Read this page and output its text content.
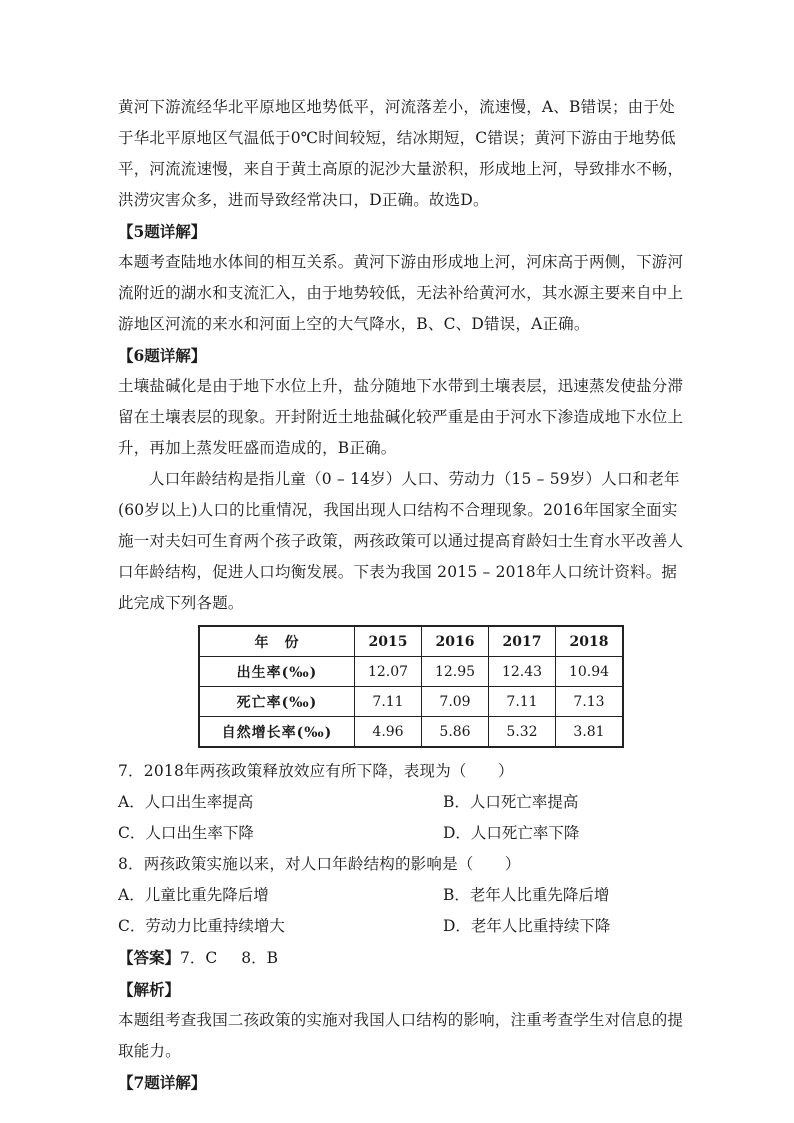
黄河下游流经华北平原地区地势低平，河流落差小，流速慢，A、B错误；由于处于华北平原地区气温低于0℃时间较短，结冰期短，C错误；黄河下游由于地势低平，河流流速慢，来自于黄土高原的泥沙大量淤积，形成地上河，导致排水不畅，洪涝灾害众多，进而导致经常决口，D正确。故选D。

【5题详解】

本题考查陆地水体间的相互关系。黄河下游由形成地上河，河床高于两侧，下游河流附近的湖水和支流汇入，由于地势较低，无法补给黄河水，其水源主要来自中上游地区河流的来水和河面上空的大气降水，B、C、D错误，A正确。

【6题详解】

土壤盐碱化是由于地下水位上升，盐分随地下水带到土壤表层，迅速蒸发使盐分滞留在土壤表层的现象。开封附近土地盐碱化较严重是由于河水下渗造成地下水位上升，再加上蒸发旺盛而造成的，B正确。

人口年龄结构是指儿童（0 – 14岁）人口、劳动力（15 – 59岁）人口和老年(60岁以上)人口的比重情况，我国出现人口结构不合理现象。2016年国家全面实施一对夫妇可生育两个孩子政策，两孩政策可以通过提高育龄妇士生育水平改善人口年龄结构，促进人口均衡发展。下表为我国 2015 – 2018年人口统计资料。据此完成下列各题。

年　份	2015	2016	2017	2018
出生率(‰)	12.07	12.95	12.43	10.94
死亡率(‰)	7.11	7.09	7.11	7.13
自然增长率(‰)	4.96	5.86	5.32	3.81

7．2018年两孩政策释放效应有所下降，表现为（　　）

A．人口出生率提高	B．人口死亡率提高
C．人口出生率下降	D．人口死亡率下降

8．两孩政策实施以来，对人口年龄结构的影响是（　　）

A．儿童比重先降后增	B．老年人比重先降后增
C．劳动力比重持续增大	D．老年人比重持续下降

【答案】7．C 8．B

【解析】

本题组考查我国二孩政策的实施对我国人口结构的影响，注重考查学生对信息的提取能力。

【7题详解】
